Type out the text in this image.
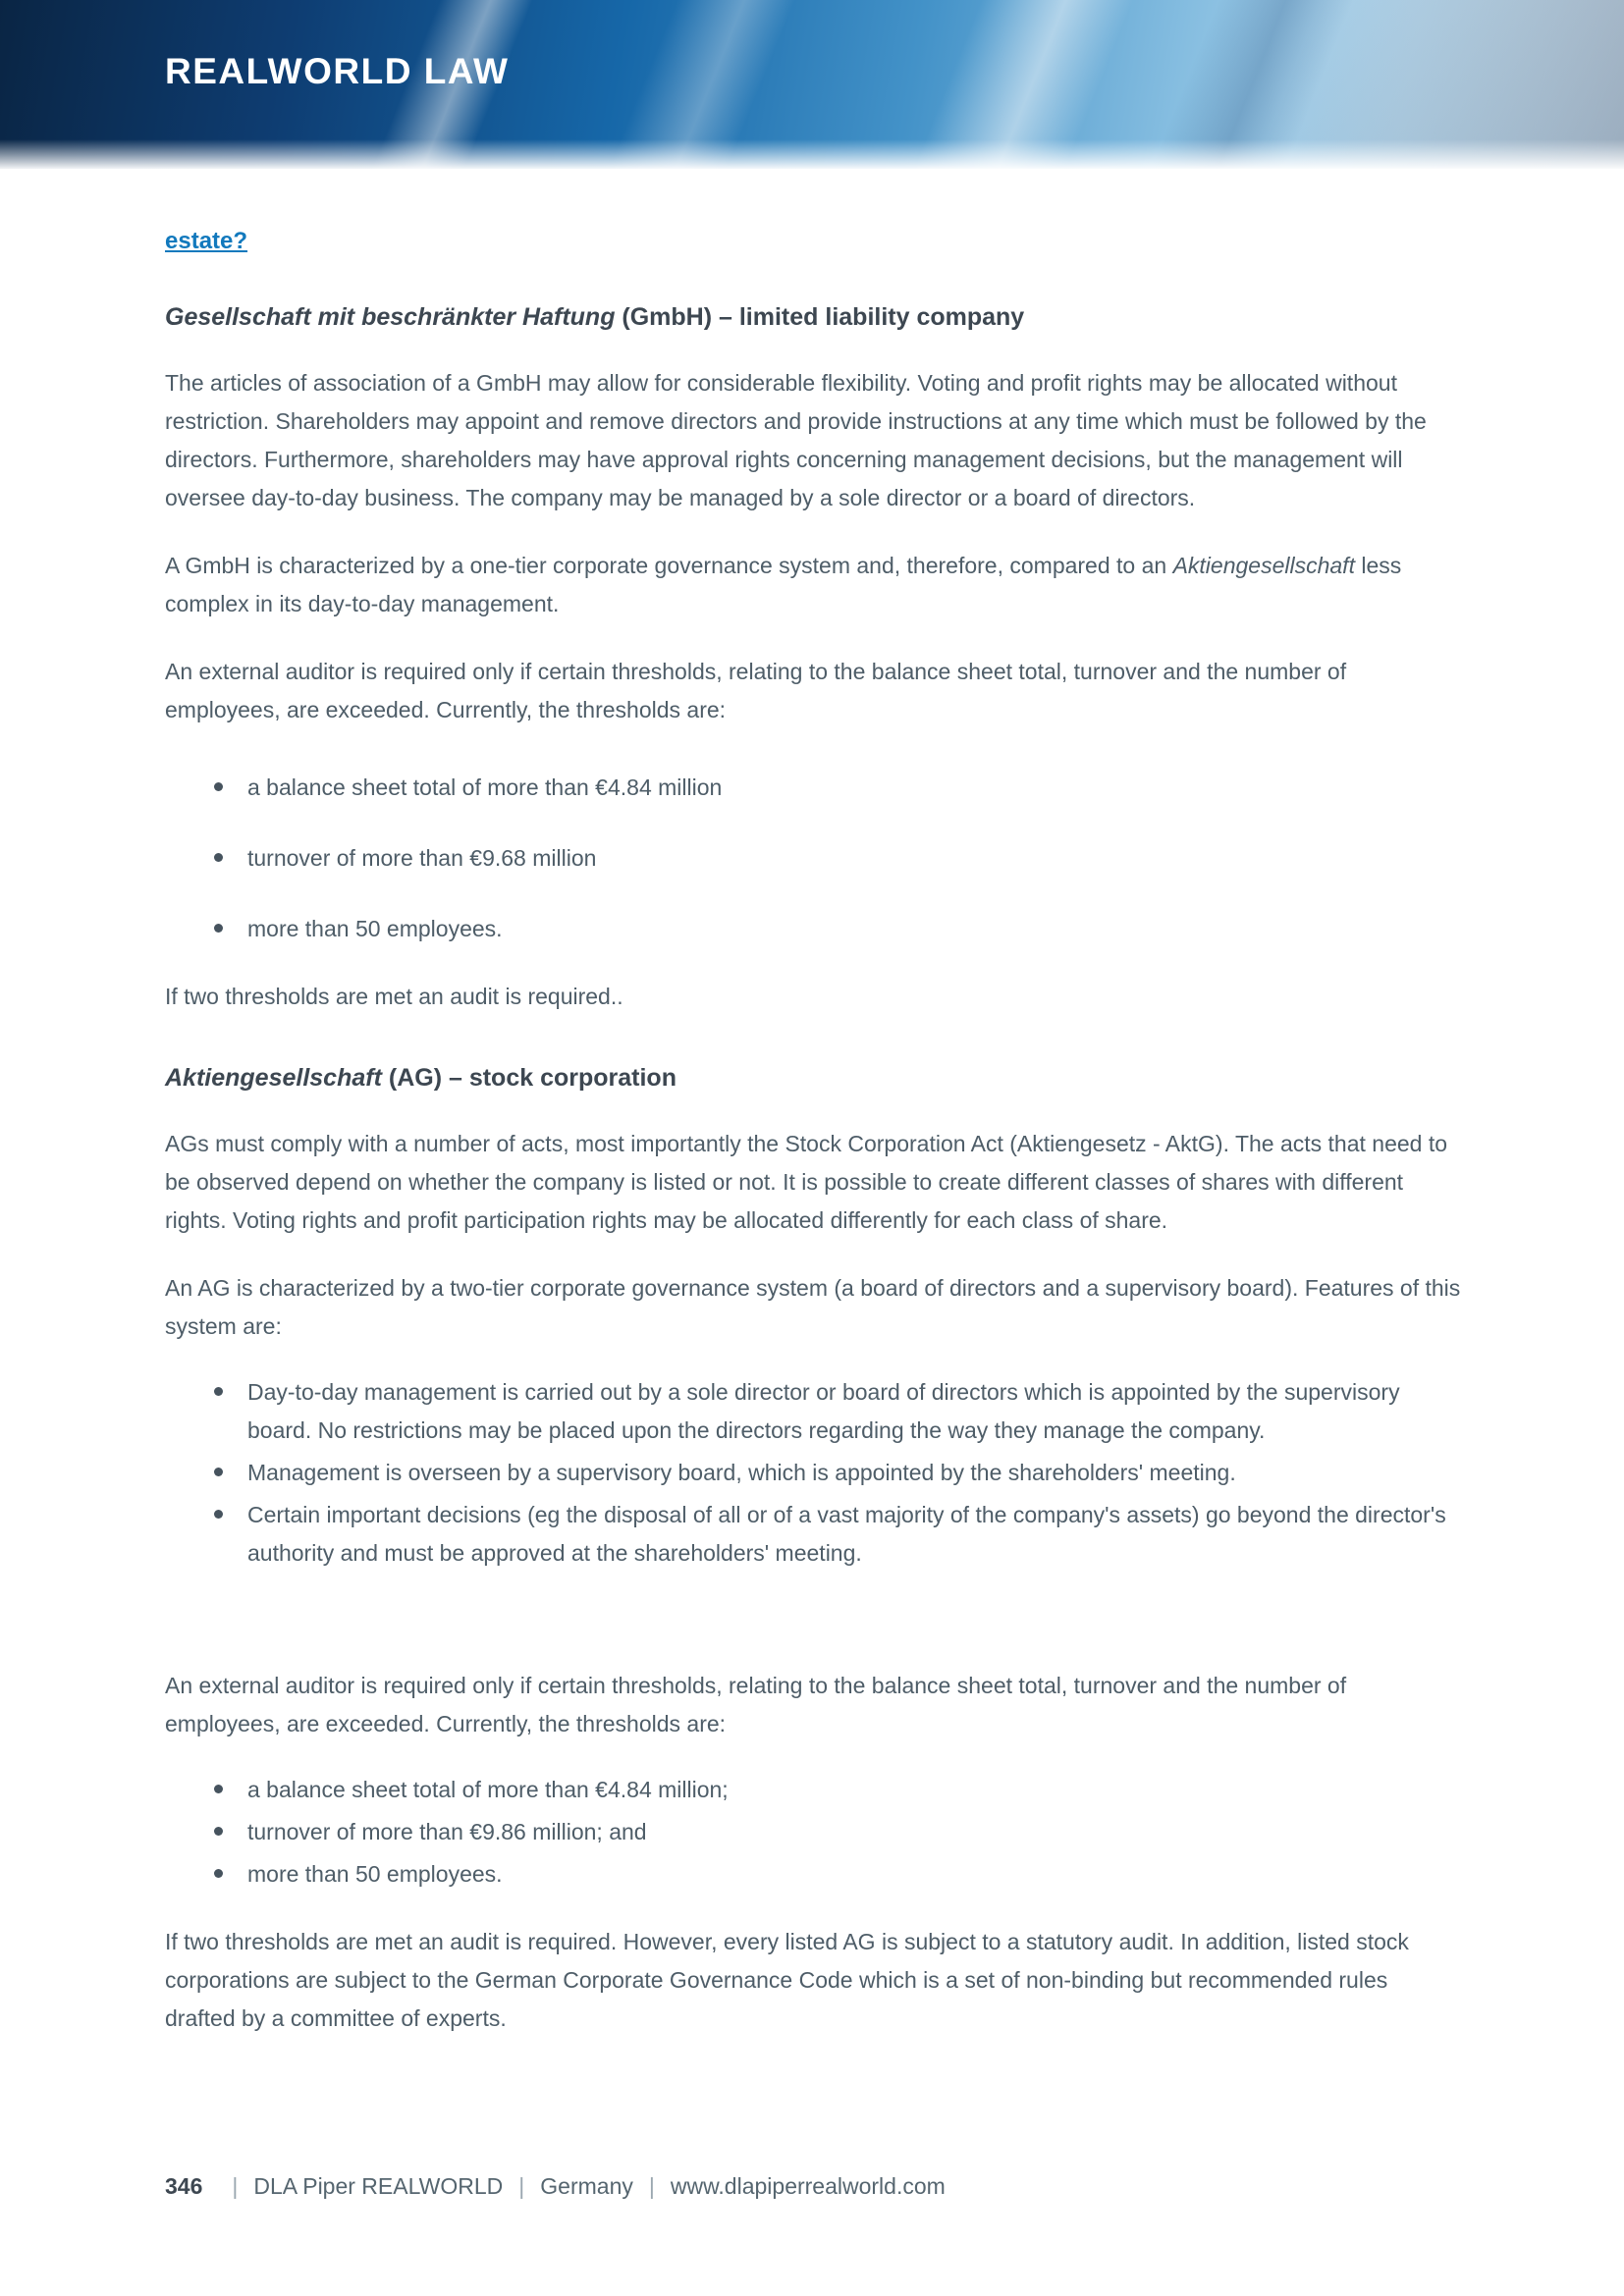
REALWORLD LAW
estate?
Gesellschaft mit beschränkter Haftung (GmbH) – limited liability company

The articles of association of a GmbH may allow for considerable flexibility. Voting and profit rights may be allocated without restriction. Shareholders may appoint and remove directors and provide instructions at any time which must be followed by the directors. Furthermore, shareholders may have approval rights concerning management decisions, but the management will oversee day-to-day business. The company may be managed by a sole director or a board of directors.

A GmbH is characterized by a one-tier corporate governance system and, therefore, compared to an Aktiengesellschaft less complex in its day-to-day management.

An external auditor is required only if certain thresholds, relating to the balance sheet total, turnover and the number of employees, are exceeded. Currently, the thresholds are:

a balance sheet total of more than €4.84 million
turnover of more than €9.68 million
more than 50 employees.

If two thresholds are met an audit is required..

Aktiengesellschaft (AG) – stock corporation

AGs must comply with a number of acts, most importantly the Stock Corporation Act (Aktiengesetz - AktG). The acts that need to be observed depend on whether the company is listed or not. It is possible to create different classes of shares with different rights. Voting rights and profit participation rights may be allocated differently for each class of share.

An AG is characterized by a two-tier corporate governance system (a board of directors and a supervisory board). Features of this system are:

Day-to-day management is carried out by a sole director or board of directors which is appointed by the supervisory board. No restrictions may be placed upon the directors regarding the way they manage the company.
Management is overseen by a supervisory board, which is appointed by the shareholders' meeting.
Certain important decisions (eg the disposal of all or of a vast majority of the company's assets) go beyond the director's authority and must be approved at the shareholders' meeting.

An external auditor is required only if certain thresholds, relating to the balance sheet total, turnover and the number of employees, are exceeded. Currently, the thresholds are:

a balance sheet total of more than €4.84 million;
turnover of more than €9.86 million; and
more than 50 employees.

If two thresholds are met an audit is required. However, every listed AG is subject to a statutory audit. In addition, listed stock corporations are subject to the German Corporate Governance Code which is a set of non-binding but recommended rules drafted by a committee of experts.

346 | DLA Piper REALWORLD | Germany | www.dlapiperrealworld.com
